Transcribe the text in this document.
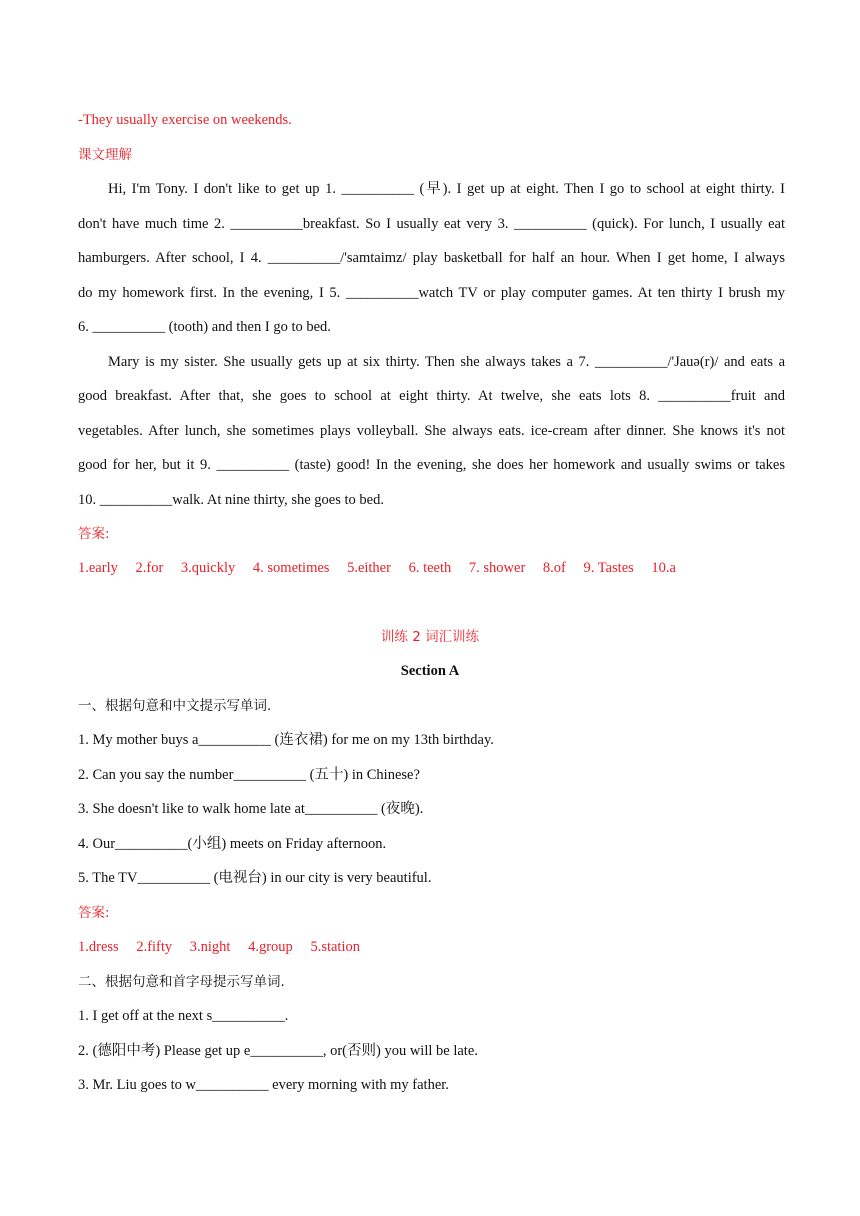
-They usually exercise on weekends.
课文理解
Hi, I'm Tony. I don't like to get up 1. __________ (早). I get up at eight. Then I go to school at eight thirty. I
don't have much time 2. __________breakfast. So I usually eat very 3. __________ (quick). For lunch, I usually eat
hamburgers. After school, I 4. __________/'samtaimz/ play basketball for half an hour. When I get home, I always
do my homework first. In the evening, I 5. __________watch TV or play computer games. At ten thirty I brush my
6. __________ (tooth) and then I go to bed.
Mary is my sister. She usually gets up at six thirty. Then she always takes a 7. __________/'Jauə(r)/ and eats a
good breakfast. After that, she goes to school at eight thirty. At twelve, she eats lots 8. __________fruit and
vegetables. After lunch, she sometimes plays volleyball. She always eats. ice-cream after dinner. She knows it's not
good for her, but it 9. __________ (taste) good! In the evening, she does her homework and usually swims or takes
10. __________walk. At nine thirty, she goes to bed.
答案:
1.early 2.for 3.quickly 4. sometimes 5.either 6. teeth 7. shower 8.of 9. Tastes 10.a
训练 2 词汇训练
Section A
一、根据句意和中文提示写单词.
1. My mother buys a__________ (连衣裙) for me on my 13th birthday.
2. Can you say the number__________ (五十) in Chinese?
3. She doesn't like to walk home late at__________ (夜晚).
4. Our__________(小组) meets on Friday afternoon.
5. The TV__________ (电视台) in our city is very beautiful.
答案:
1.dress 2.fifty 3.night 4.group 5.station
二、根据句意和首字母提示写单词.
1. I get off at the next s__________.
2. (德阳中考) Please get up e__________, or(否则) you will be late.
3. Mr. Liu goes to w__________ every morning with my father.
